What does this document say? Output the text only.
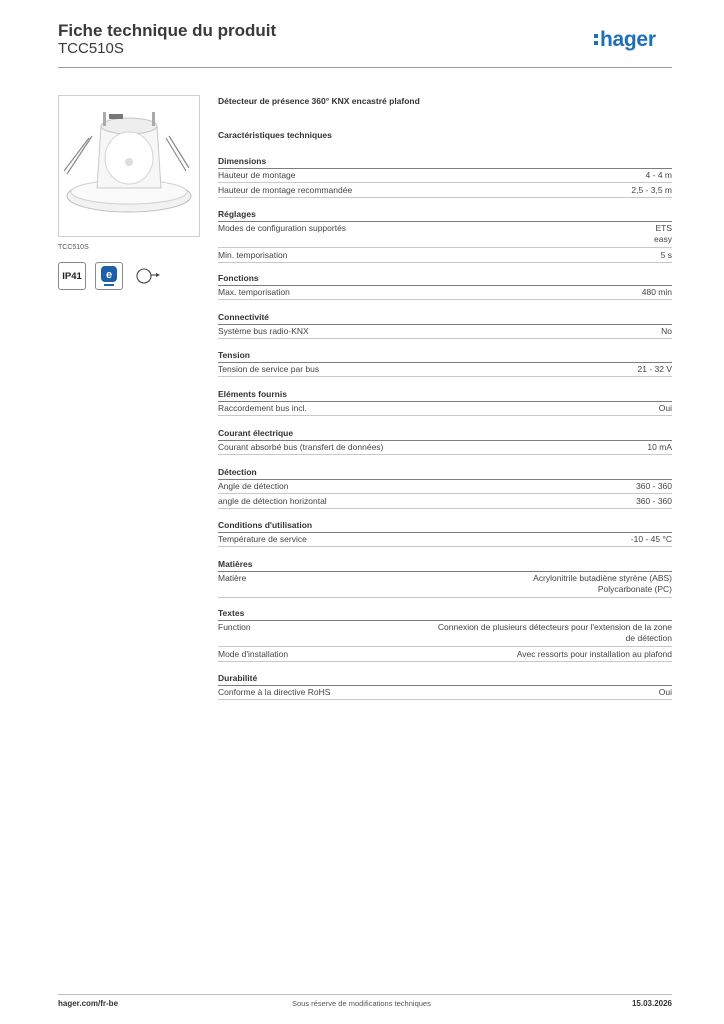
Fiche technique du produit
TCC510S	hager
TCC510S
IP41	e
Détecteur de présence 360° KNX encastré plafond
Caractéristiques techniques
Dimensions
Hauteur de montage	4 - 4 m
Hauteur de montage recommandée	2,5 - 3,5 m
Réglages
Modes de configuration supportés	ETS
easy
Min. temporisation	5 s
Fonctions
Max. temporisation	480 min
Connectivité
Système bus radio-KNX	No
Tension
Tension de service par bus	21 - 32 V
Eléments fournis
Raccordement bus incl.	Oui
Courant électrique
Courant absorbé bus (transfert de données)	10 mA
Détection
Angle de détection	360 - 360
angle de détection horizontal	360 - 360
Conditions d'utilisation
Température de service	-10 - 45 °C
Matières
Matière	Acrylonitrile butadiène styrène (ABS)
Polycarbonate (PC)
Textes
Function	Connexion de plusieurs détecteurs pour l'extension de la zone
de détection
Mode d'installation	Avec ressorts pour installation au plafond
Durabilité
Conforme à la directive RoHS	Oui
hager.com/fr-be	Sous réserve de modifications techniques	15.03.2026
